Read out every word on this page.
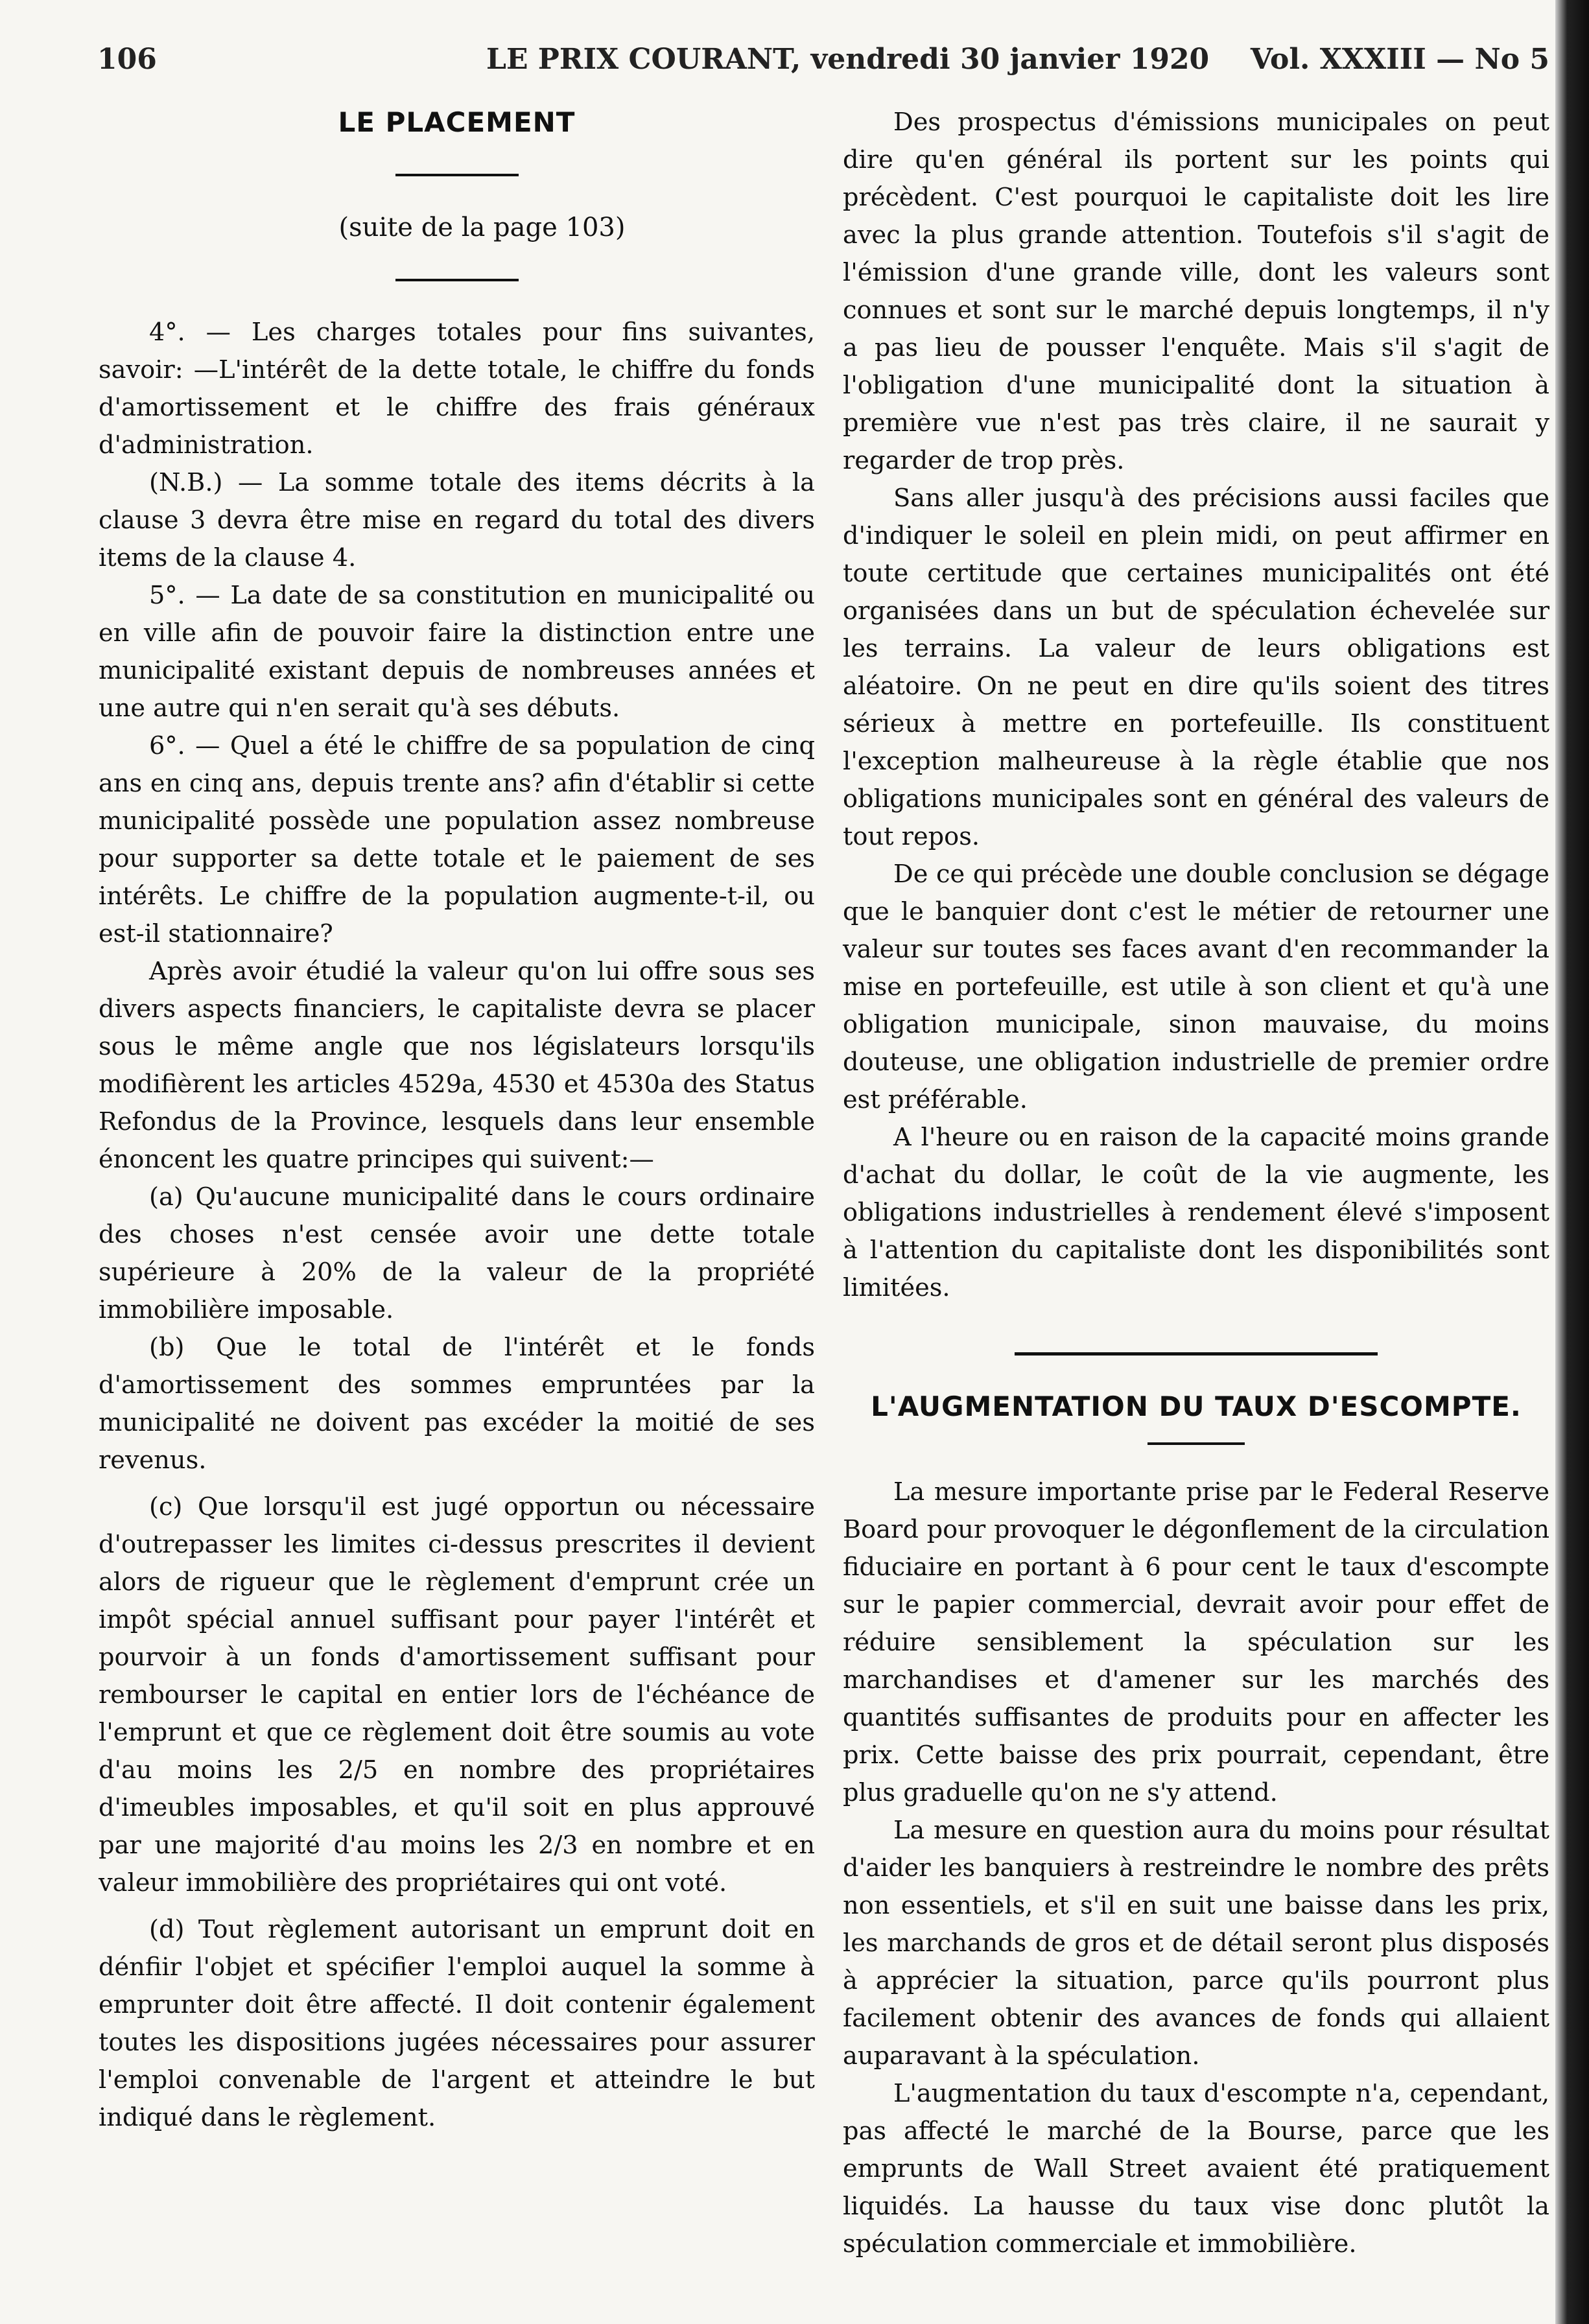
106	LE PRIX COURANT, vendredi 30 janvier 1920 Vol. XXXIII — No 5
LE PLACEMENT

(suite de la page 103)

4°. — Les charges totales pour fins suivantes, savoir: —L'intérêt de la dette totale, le chiffre du fonds d'amortissement et le chiffre des frais généraux d'administration.

(N.B.) — La somme totale des items décrits à la clause 3 devra être mise en regard du total des divers items de la clause 4.

5°. — La date de sa constitution en municipalité ou en ville afin de pouvoir faire la distinction entre une municipalité existant depuis de nombreuses années et une autre qui n'en serait qu'à ses débuts.

6°. — Quel a été le chiffre de sa population de cinq ans en cinq ans, depuis trente ans? afin d'établir si cette municipalité possède une population assez nombreuse pour supporter sa dette totale et le paiement de ses intérêts. Le chiffre de la population augmente-t-il, ou est-il stationnaire?

Après avoir étudié la valeur qu'on lui offre sous ses divers aspects financiers, le capitaliste devra se placer sous le même angle que nos législateurs lorsqu'ils modifièrent les articles 4529a, 4530 et 4530a des Status Refondus de la Province, lesquels dans leur ensemble énoncent les quatre principes qui suivent:—

(a) Qu'aucune municipalité dans le cours ordinaire des choses n'est censée avoir une dette totale supérieure à 20% de la valeur de la propriété immobilière imposable.

(b) Que le total de l'intérêt et le fonds d'amortissement des sommes empruntées par la municipalité ne doivent pas excéder la moitié de ses revenus.

(c) Que lorsqu'il est jugé opportun ou nécessaire d'outrepasser les limites ci-dessus prescrites il devient alors de rigueur que le règlement d'emprunt crée un impôt spécial annuel suffisant pour payer l'intérêt et pourvoir à un fonds d'amortissement suffisant pour rembourser le capital en entier lors de l'échéance de l'emprunt et que ce règlement doit être soumis au vote d'au moins les 2/5 en nombre des propriétaires d'imeubles imposables, et qu'il soit en plus approuvé par une majorité d'au moins les 2/3 en nombre et en valeur immobilière des propriétaires qui ont voté.

(d) Tout règlement autorisant un emprunt doit en dénfiir l'objet et spécifier l'emploi auquel la somme à emprunter doit être affecté. Il doit contenir également toutes les dispositions jugées nécessaires pour assurer l'emploi convenable de l'argent et atteindre le but indiqué dans le règlement.

Des prospectus d'émissions municipales on peut dire qu'en général ils portent sur les points qui précèdent. C'est pourquoi le capitaliste doit les lire avec la plus grande attention. Toutefois s'il s'agit de l'émission d'une grande ville, dont les valeurs sont connues et sont sur le marché depuis longtemps, il n'y a pas lieu de pousser l'enquête. Mais s'il s'agit de l'obligation d'une municipalité dont la situation à première vue n'est pas très claire, il ne saurait y regarder de trop près.

Sans aller jusqu'à des précisions aussi faciles que d'indiquer le soleil en plein midi, on peut affirmer en toute certitude que certaines municipalités ont été organisées dans un but de spéculation échevelée sur les terrains. La valeur de leurs obligations est aléatoire. On ne peut en dire qu'ils soient des titres sérieux à mettre en portefeuille. Ils constituent l'exception malheureuse à la règle établie que nos obligations municipales sont en général des valeurs de tout repos.

De ce qui précède une double conclusion se dégage que le banquier dont c'est le métier de retourner une valeur sur toutes ses faces avant d'en recommander la mise en portefeuille, est utile à son client et qu'à une obligation municipale, sinon mauvaise, du moins douteuse, une obligation industrielle de premier ordre est préférable.

A l'heure ou en raison de la capacité moins grande d'achat du dollar, le coût de la vie augmente, les obligations industrielles à rendement élevé s'imposent à l'attention du capitaliste dont les disponibilités sont limitées.

L'AUGMENTATION DU TAUX D'ESCOMPTE.

La mesure importante prise par le Federal Reserve Board pour provoquer le dégonflement de la circulation fiduciaire en portant à 6 pour cent le taux d'escompte sur le papier commercial, devrait avoir pour effet de réduire sensiblement la spéculation sur les marchandises et d'amener sur les marchés des quantités suffisantes de produits pour en affecter les prix. Cette baisse des prix pourrait, cependant, être plus graduelle qu'on ne s'y attend.

La mesure en question aura du moins pour résultat d'aider les banquiers à restreindre le nombre des prêts non essentiels, et s'il en suit une baisse dans les prix, les marchands de gros et de détail seront plus disposés à apprécier la situation, parce qu'ils pourront plus facilement obtenir des avances de fonds qui allaient auparavant à la spéculation.

L'augmentation du taux d'escompte n'a, cependant, pas affecté le marché de la Bourse, parce que les emprunts de Wall Street avaient été pratiquement liquidés. La hausse du taux vise donc plutôt la spéculation commerciale et immobilière.
